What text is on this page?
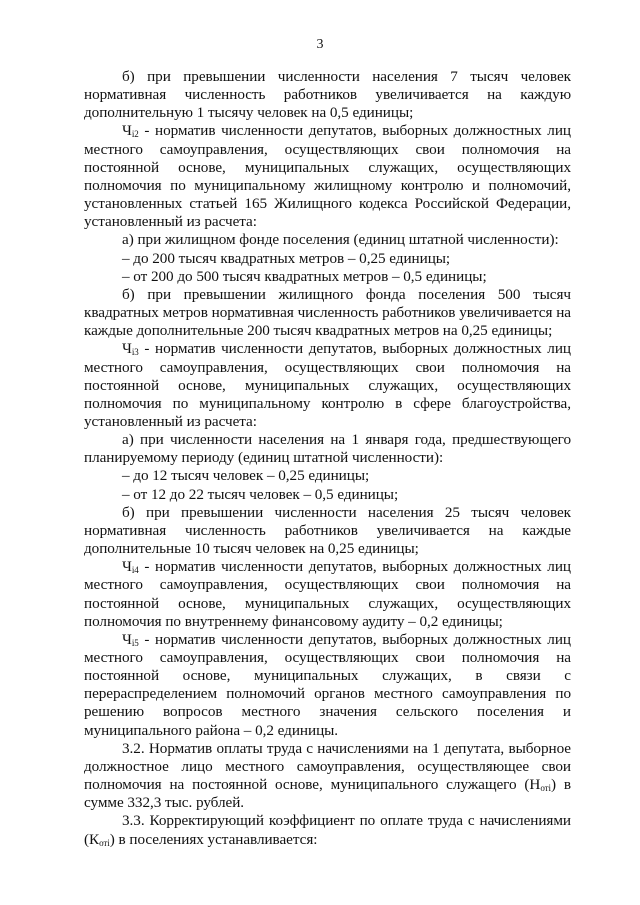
3

б) при превышении численности населения 7 тысяч человек нормативная численность работников увеличивается на каждую дополнительную 1 тысячу человек на 0,5 единицы;

$Ч_{i2}$ - норматив численности депутатов, выборных должностных лиц местного самоуправления, осуществляющих свои полномочия на постоянной основе, муниципальных служащих, осуществляющих полномочия по муниципальному жилищному контролю и полномочий, установленных статьей 165 Жилищного кодекса Российской Федерации, установленный из расчета:

а) при жилищном фонде поселения (единиц штатной численности):

– до 200 тысяч квадратных метров – 0,25 единицы;

– от 200 до 500 тысяч квадратных метров – 0,5 единицы;

б) при превышении жилищного фонда поселения 500 тысяч квадратных метров нормативная численность работников увеличивается на каждые дополнительные 200 тысяч квадратных метров на 0,25 единицы;

$Ч_{i3}$ - норматив численности депутатов, выборных должностных лиц местного самоуправления, осуществляющих свои полномочия на постоянной основе, муниципальных служащих, осуществляющих полномочия по муниципальному контролю в сфере благоустройства, установленный из расчета:

а) при численности населения на 1 января года, предшествующего планируемому периоду (единиц штатной численности):

– до 12 тысяч человек – 0,25 единицы;

– от 12 до 22 тысяч человек – 0,5 единицы;

б) при превышении численности населения 25 тысяч человек нормативная численность работников увеличивается на каждые дополнительные 10 тысяч человек на 0,25 единицы;

$Ч_{i4}$ - норматив численности депутатов, выборных должностных лиц местного самоуправления, осуществляющих свои полномочия на постоянной основе, муниципальных служащих, осуществляющих полномочия по внутреннему финансовому аудиту – 0,2 единицы;

$Ч_{i5}$ - норматив численности депутатов, выборных должностных лиц местного самоуправления, осуществляющих свои полномочия на постоянной основе, муниципальных служащих, в связи с перераспределением полномочий органов местного самоуправления по решению вопросов местного значения сельского поселения и муниципального района – 0,2 единицы.

3.2. Норматив оплаты труда с начислениями на 1 депутата, выборное должностное лицо местного самоуправления, осуществляющее свои полномочия на постоянной основе, муниципального служащего $(Н_{отi})$ в сумме 332,3 тыс. рублей.

3.3. Корректирующий коэффициент по оплате труда с начислениями $(К_{отi})$ в поселениях устанавливается:
